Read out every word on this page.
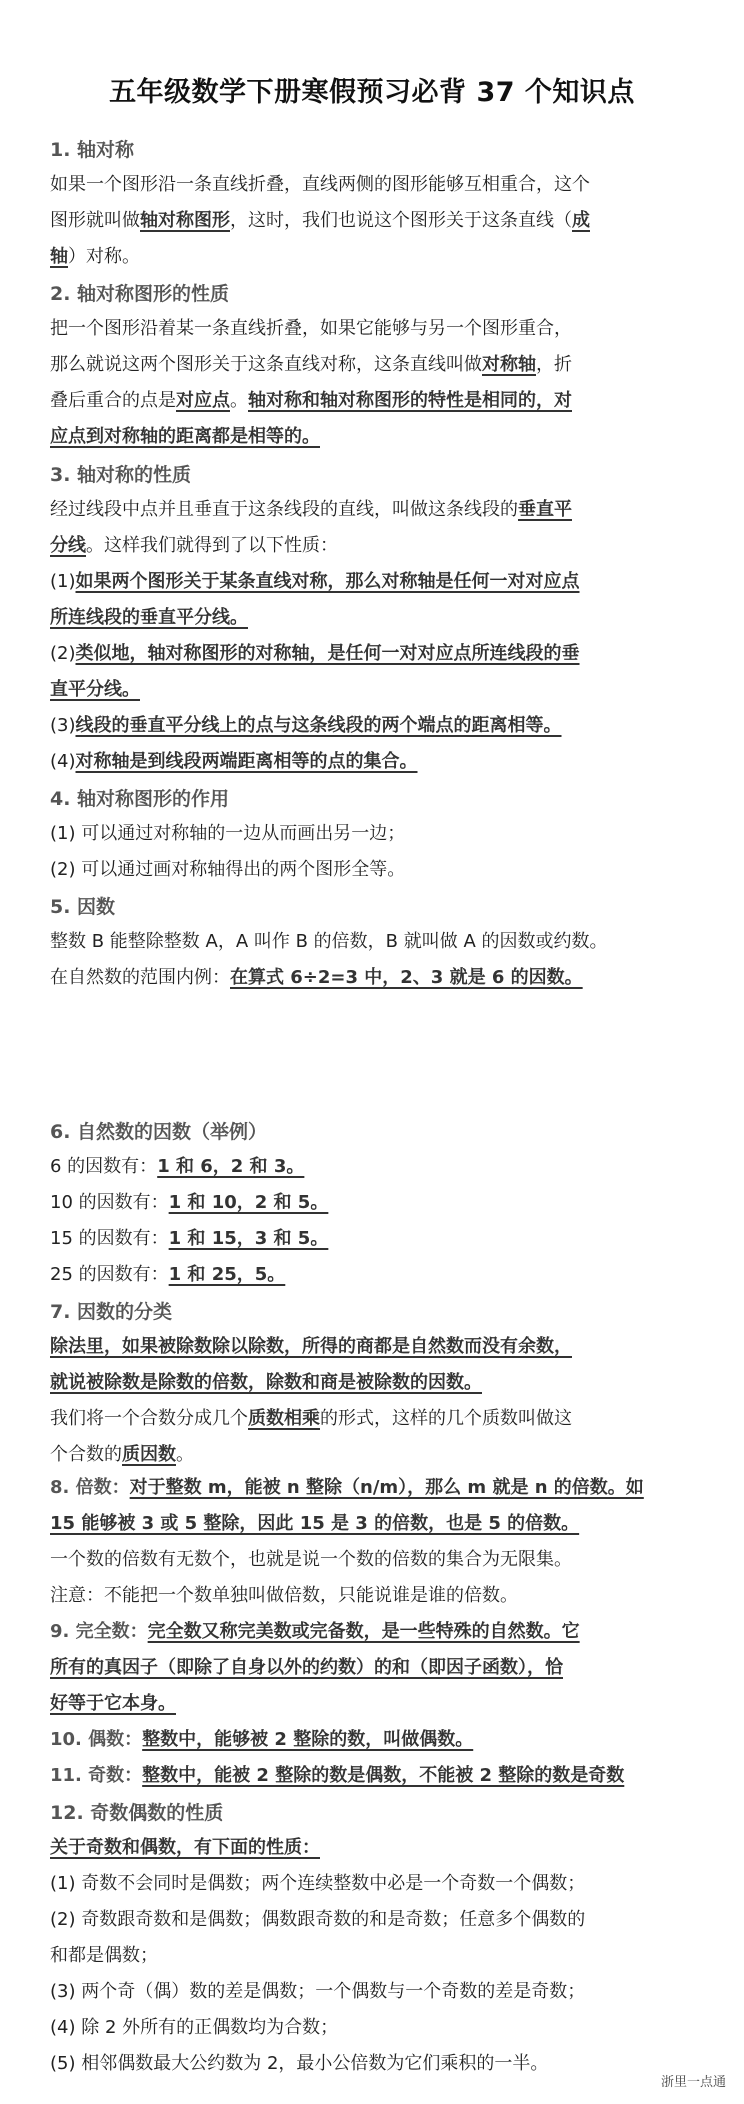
五年级数学下册寒假预习必背 37 个知识点
1. 轴对称
如果一个图形沿一条直线折叠，直线两侧的图形能够互相重合，这个
图形就叫做轴对称图形，这时，我们也说这个图形关于这条直线（成
轴）对称。
2. 轴对称图形的性质
把一个图形沿着某一条直线折叠，如果它能够与另一个图形重合，
那么就说这两个图形关于这条直线对称，这条直线叫做对称轴，折
叠后重合的点是对应点。轴对称和轴对称图形的特性是相同的，对
应点到对称轴的距离都是相等的。
3. 轴对称的性质
经过线段中点并且垂直于这条线段的直线，叫做这条线段的垂直平
分线。这样我们就得到了以下性质：
(1)如果两个图形关于某条直线对称，那么对称轴是任何一对对应点
所连线段的垂直平分线。
(2)类似地，轴对称图形的对称轴，是任何一对对应点所连线段的垂
直平分线。
(3)线段的垂直平分线上的点与这条线段的两个端点的距离相等。
(4)对称轴是到线段两端距离相等的点的集合。
4. 轴对称图形的作用
(1) 可以通过对称轴的一边从而画出另一边；
(2) 可以通过画对称轴得出的两个图形全等。
5. 因数
整数 B 能整除整数 A，A 叫作 B 的倍数，B 就叫做 A 的因数或约数。
在自然数的范围内例：在算式 6÷2=3 中，2、3 就是 6 的因数。
6. 自然数的因数（举例）
6 的因数有：1 和 6，2 和 3。
10 的因数有：1 和 10，2 和 5。
15 的因数有：1 和 15，3 和 5。
25 的因数有：1 和 25，5。
7. 因数的分类
除法里，如果被除数除以除数，所得的商都是自然数而没有余数，
就说被除数是除数的倍数，除数和商是被除数的因数。
我们将一个合数分成几个质数相乘的形式，这样的几个质数叫做这
个合数的质因数。
8. 倍数：对于整数 m，能被 n 整除（n/m），那么 m 就是 n 的倍数。如
15 能够被 3 或 5 整除，因此 15 是 3 的倍数，也是 5 的倍数。
一个数的倍数有无数个，也就是说一个数的倍数的集合为无限集。
注意：不能把一个数单独叫做倍数，只能说谁是谁的倍数。
9. 完全数：完全数又称完美数或完备数，是一些特殊的自然数。它
所有的真因子（即除了自身以外的约数）的和（即因子函数），恰
好等于它本身。
10. 偶数：整数中，能够被 2 整除的数，叫做偶数。
11. 奇数：整数中，能被 2 整除的数是偶数，不能被 2 整除的数是奇数
12. 奇数偶数的性质
关于奇数和偶数，有下面的性质：
(1) 奇数不会同时是偶数；两个连续整数中必是一个奇数一个偶数；
(2) 奇数跟奇数和是偶数；偶数跟奇数的和是奇数；任意多个偶数的
和都是偶数；
(3) 两个奇（偶）数的差是偶数；一个偶数与一个奇数的差是奇数；
(4) 除 2 外所有的正偶数均为合数；
(5) 相邻偶数最大公约数为 2，最小公倍数为它们乘积的一半。
浙里一点通
